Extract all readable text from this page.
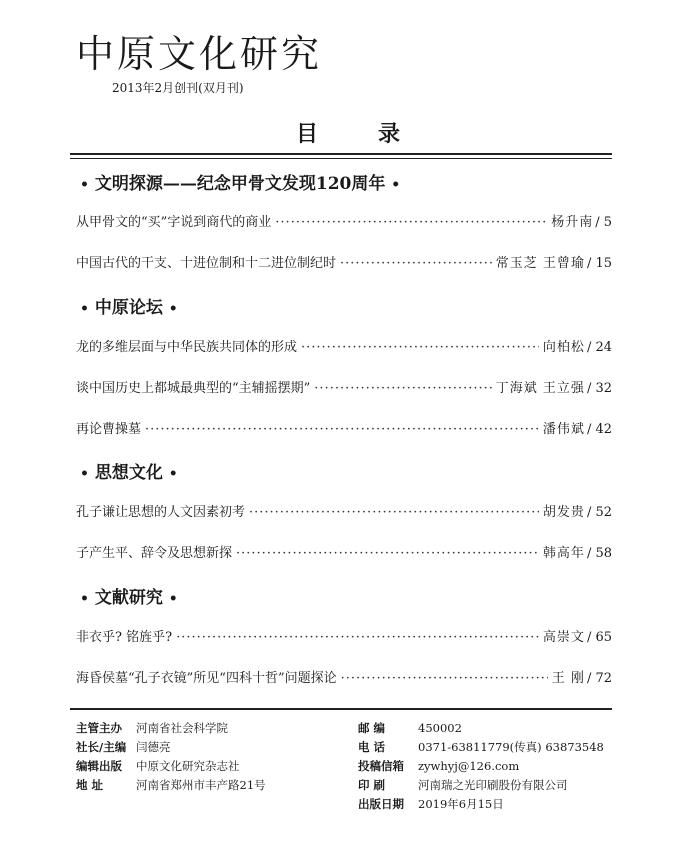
中原文化研究
2013年2月创刊(双月刊)
目录
• 文明探源——纪念甲骨文发现120周年 •
从甲骨文的“买”字说到商代的商业 ·····	杨升南 / 5
中国古代的干支、十进位制和十二进位制纪时 ·····	常玉芝 王曾瑜 / 15
• 中原论坛 •
龙的多维层面与中华民族共同体的形成 ·····	向柏松 / 24
谈中国历史上都城最典型的“主辅摇摆期” ·····	丁海斌 王立强 / 32
再论曹操墓 ·····	潘伟斌 / 42
• 思想文化 •
孔子谦让思想的人文因素初考 ·····	胡发贵 / 52
子产生平、辞令及思想新探 ·····	韩高年 / 58
• 文献研究 •
非衣乎? 铭旌乎? ·····	高崇文 / 65
海昏侯墓“孔子衣镜”所见“四科十哲”问题探论 ·····	王 刚 / 72
主管主办	河南省社会科学院
社长/主编 闫德亮
编辑出版	中原文化研究杂志社
地 址	河南省郑州市丰产路21号
邮 编	450002
电 话	0371-63811779(传真) 63873548
投稿信箱	zywhyj@126.com
印 刷	河南瑞之光印刷股份有限公司
出版日期	2019年6月15日
